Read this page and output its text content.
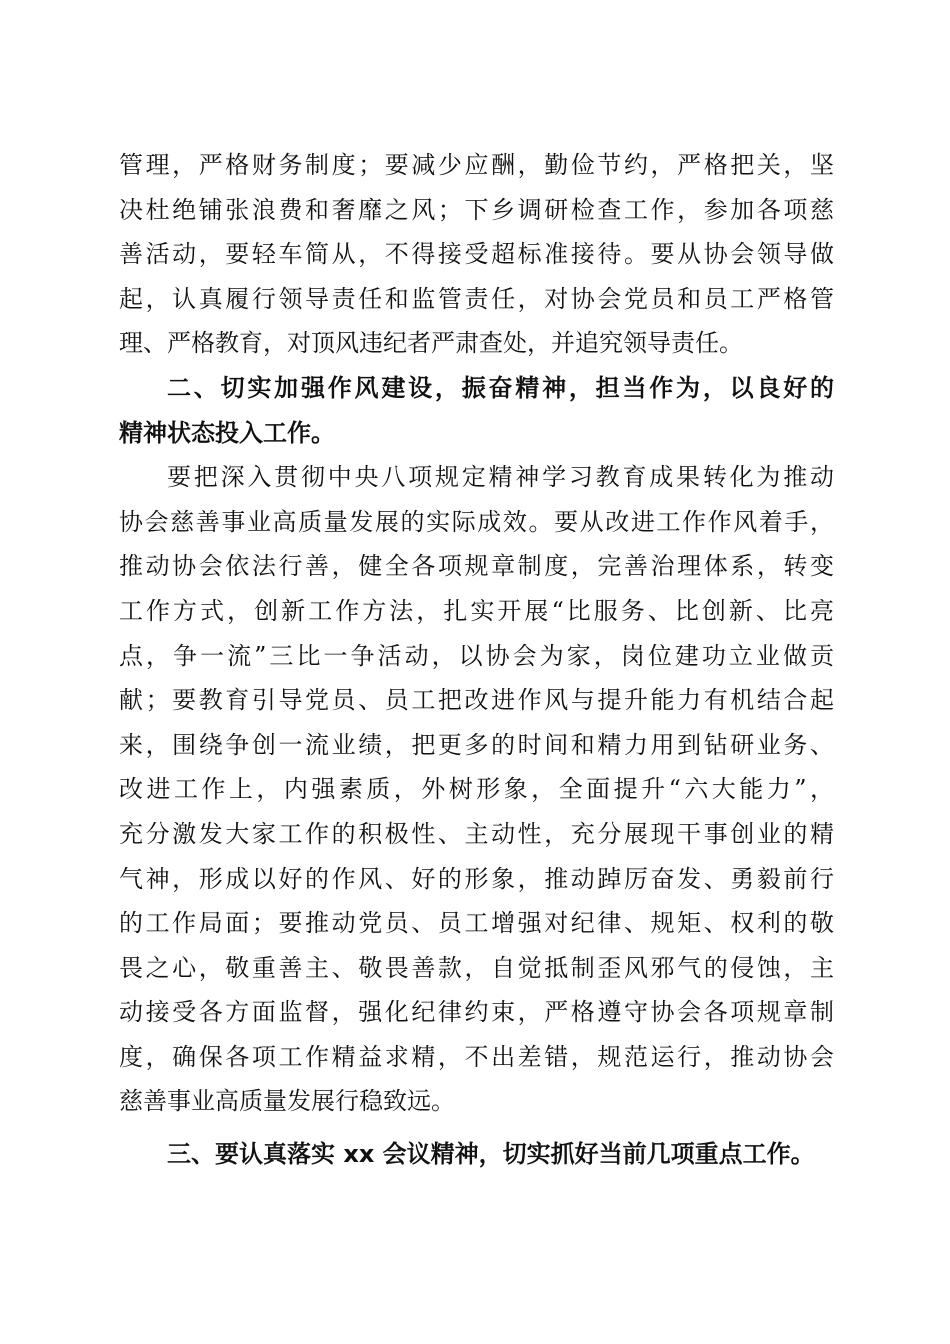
管理，严格财务制度；要减少应酬，勤俭节约，严格把关，坚
决杜绝铺张浪费和奢靡之风；下乡调研检查工作，参加各项慈
善活动，要轻车简从，不得接受超标准接待。要从协会领导做
起，认真履行领导责任和监管责任，对协会党员和员工严格管
理、严格教育，对顶风违纪者严肃查处，并追究领导责任。
二、切实加强作风建设，振奋精神，担当作为，以良好的
精神状态投入工作。
要把深入贯彻中央八项规定精神学习教育成果转化为推动
协会慈善事业高质量发展的实际成效。要从改进工作作风着手，
推动协会依法行善，健全各项规章制度，完善治理体系，转变
工作方式，创新工作方法，扎实开展“比服务、比创新、比亮
点，争一流”三比一争活动，以协会为家，岗位建功立业做贡
献；要教育引导党员、员工把改进作风与提升能力有机结合起
来，围绕争创一流业绩，把更多的时间和精力用到钻研业务、
改进工作上，内强素质，外树形象，全面提升“六大能力”，
充分激发大家工作的积极性、主动性，充分展现干事创业的精
气神，形成以好的作风、好的形象，推动踔厉奋发、勇毅前行
的工作局面；要推动党员、员工增强对纪律、规矩、权利的敬
畏之心，敬重善主、敬畏善款，自觉抵制歪风邪气的侵蚀，主
动接受各方面监督，强化纪律约束，严格遵守协会各项规章制
度，确保各项工作精益求精，不出差错，规范运行，推动协会
慈善事业高质量发展行稳致远。
三、要认真落实 xx 会议精神，切实抓好当前几项重点工作。
